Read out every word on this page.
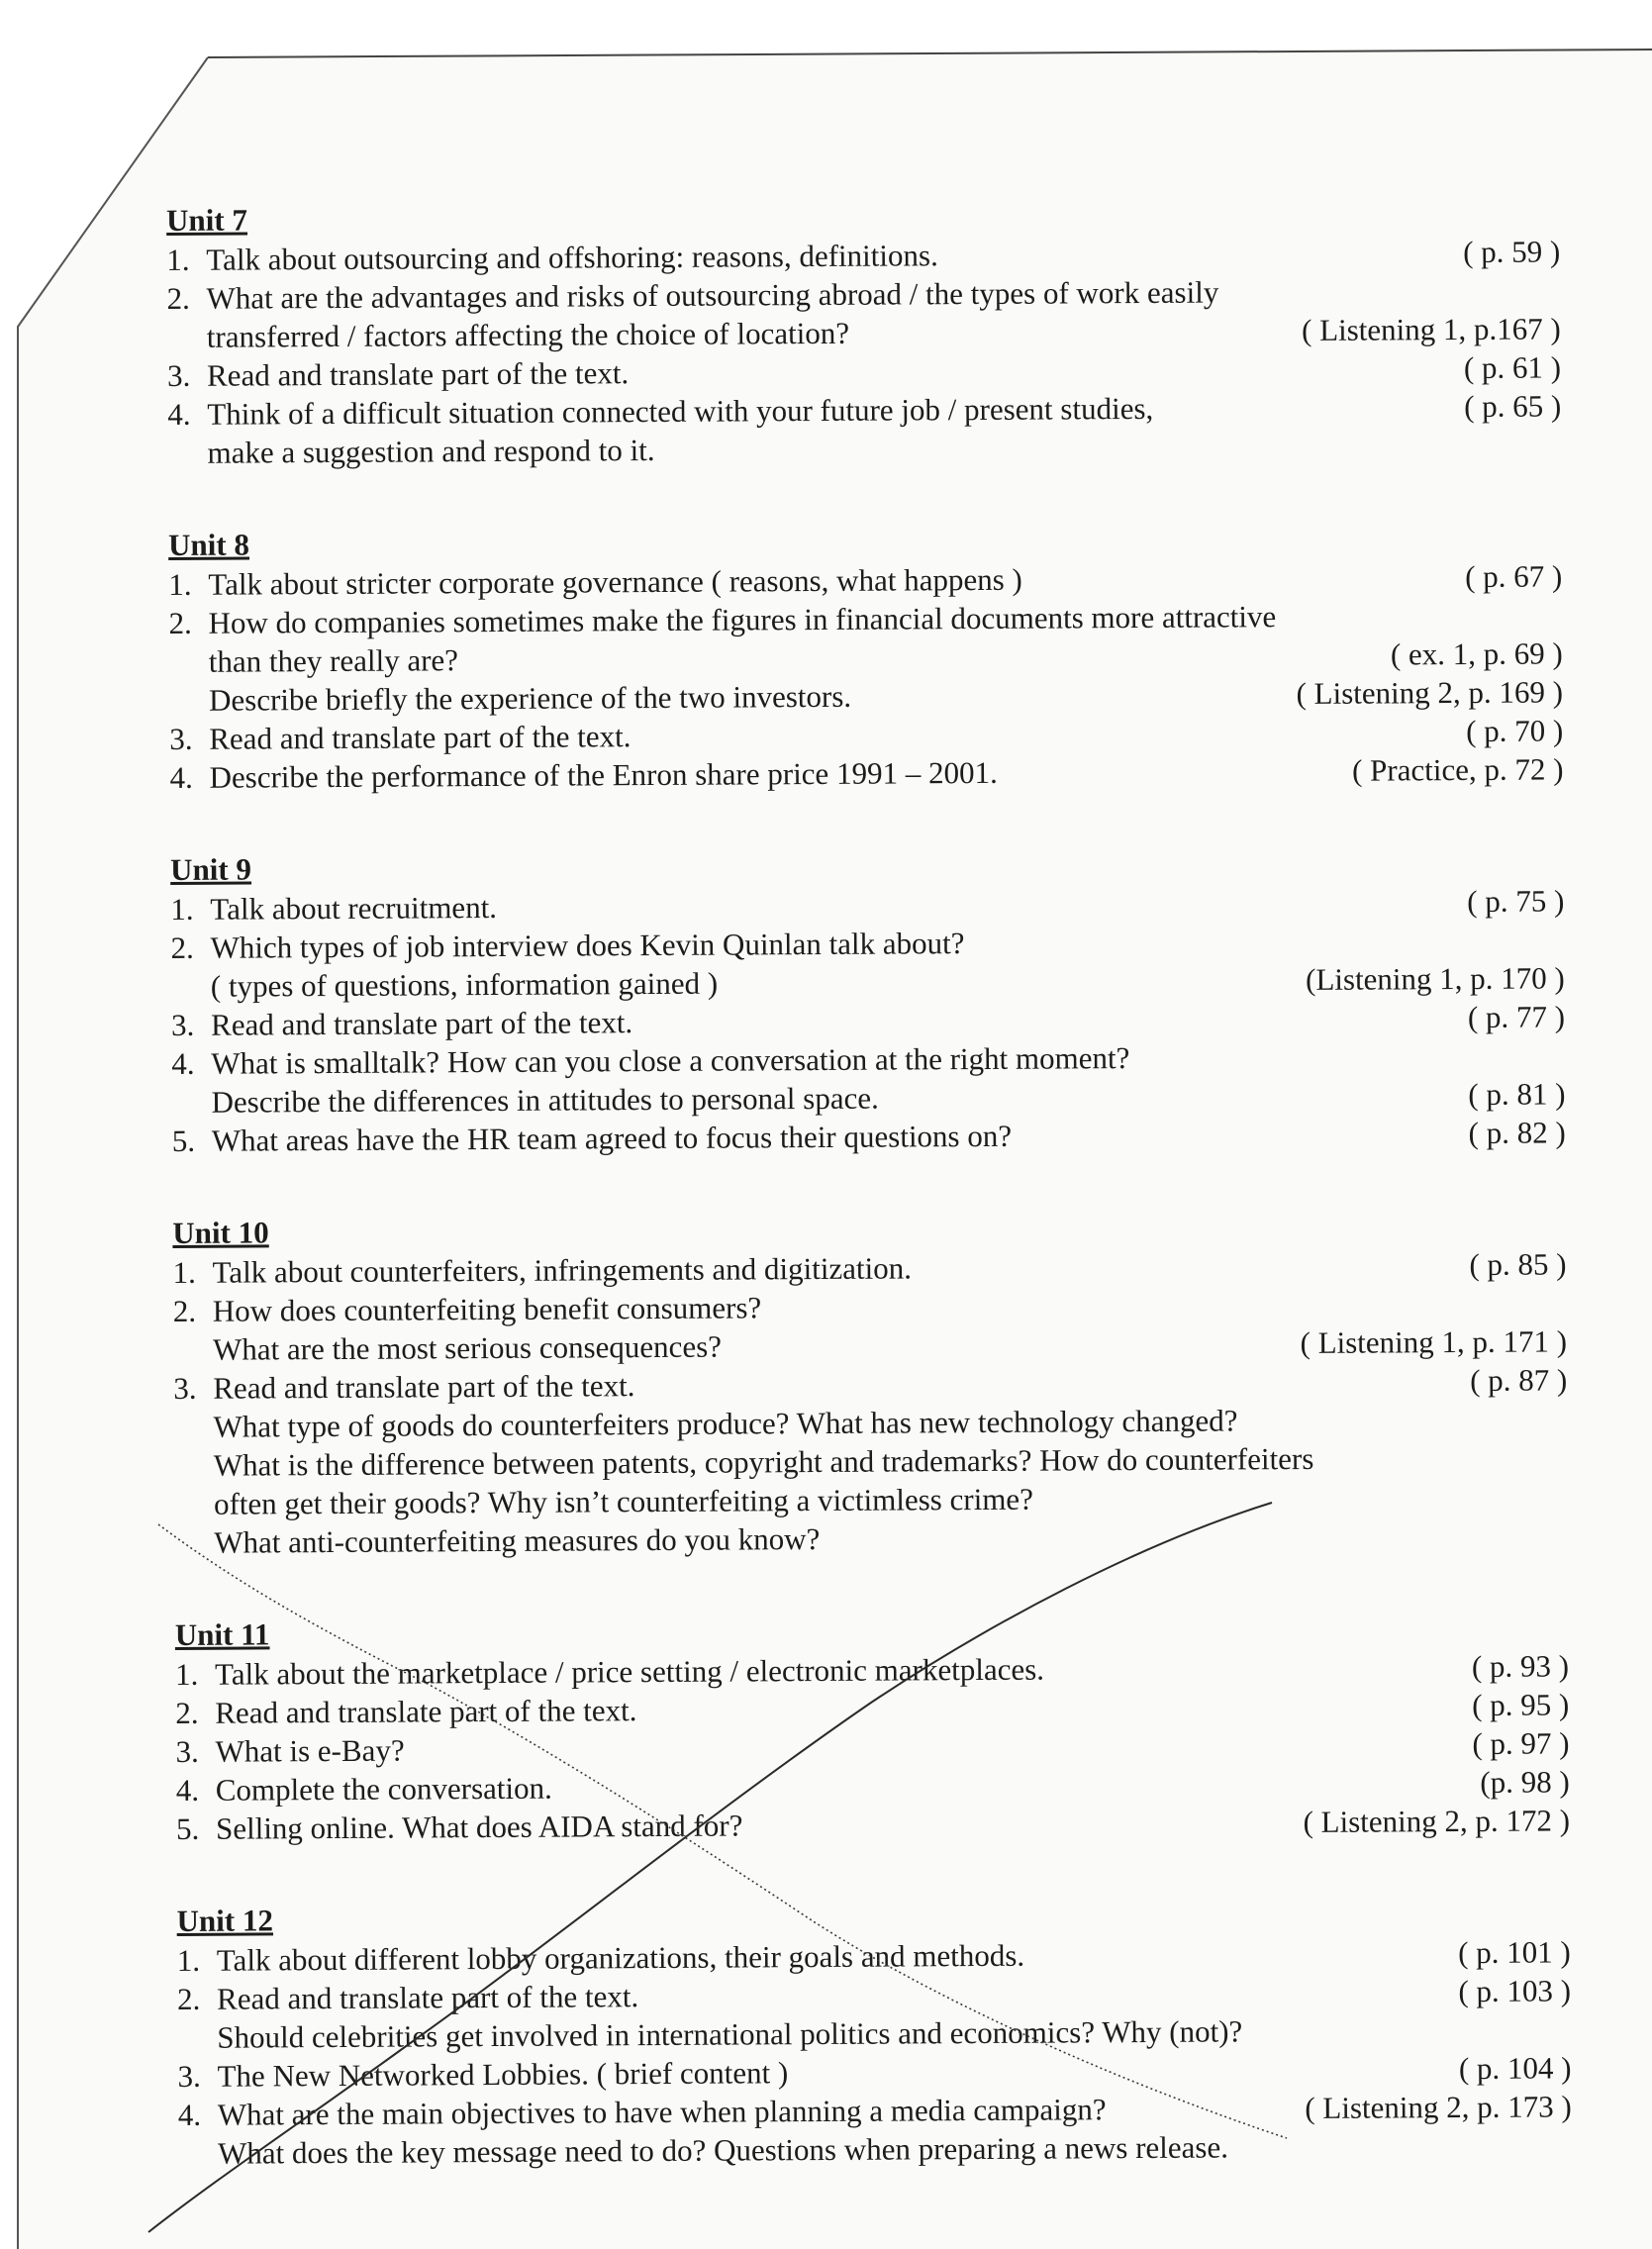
Unit 7
1. Talk about outsourcing and offshoring: reasons, definitions.	( p. 59 )
2. What are the advantages and risks of outsourcing abroad / the types of work easily
transferred / factors affecting the choice of location?	( Listening 1, p.167 )
3. Read and translate part of the text.	( p. 61 )
4. Think of a difficult situation connected with your future job / present studies,	( p. 65 )
make a suggestion and respond to it.
Unit 8
1. Talk about stricter corporate governance ( reasons, what happens )	( p. 67 )
2. How do companies sometimes make the figures in financial documents more attractive
than they really are?	( ex. 1, p. 69 )
Describe briefly the experience of the two investors.	( Listening 2, p. 169 )
3. Read and translate part of the text.	( p. 70 )
4. Describe the performance of the Enron share price 1991 – 2001.	( Practice, p. 72 )
Unit 9
1. Talk about recruitment.	( p. 75 )
2. Which types of job interview does Kevin Quinlan talk about?
( types of questions, information gained )	(Listening 1, p. 170 )
3. Read and translate part of the text.	( p. 77 )
4. What is smalltalk? How can you close a conversation at the right moment?
Describe the differences in attitudes to personal space.	( p. 81 )
5. What areas have the HR team agreed to focus their questions on?	( p. 82 )
Unit 10
1. Talk about counterfeiters, infringements and digitization.	( p. 85 )
2. How does counterfeiting benefit consumers?
What are the most serious consequences?	( Listening 1, p. 171 )
3. Read and translate part of the text.	( p. 87 )
What type of goods do counterfeiters produce? What has new technology changed?
What is the difference between patents, copyright and trademarks? How do counterfeiters
often get their goods? Why isn’t counterfeiting a victimless crime?
What anti-counterfeiting measures do you know?
Unit 11
1. Talk about the marketplace / price setting / electronic marketplaces.	( p. 93 )
2. Read and translate part of the text.	( p. 95 )
3. What is e-Bay?	( p. 97 )
4. Complete the conversation.	(p. 98 )
5. Selling online. What does AIDA stand for?	( Listening 2, p. 172 )
Unit 12
1. Talk about different lobby organizations, their goals and methods.	( p. 101 )
2. Read and translate part of the text.	( p. 103 )
Should celebrities get involved in international politics and economics? Why (not)?
3. The New Networked Lobbies. ( brief content )	( p. 104 )
4. What are the main objectives to have when planning a media campaign?	( Listening 2, p. 173 )
What does the key message need to do? Questions when preparing a news release.
